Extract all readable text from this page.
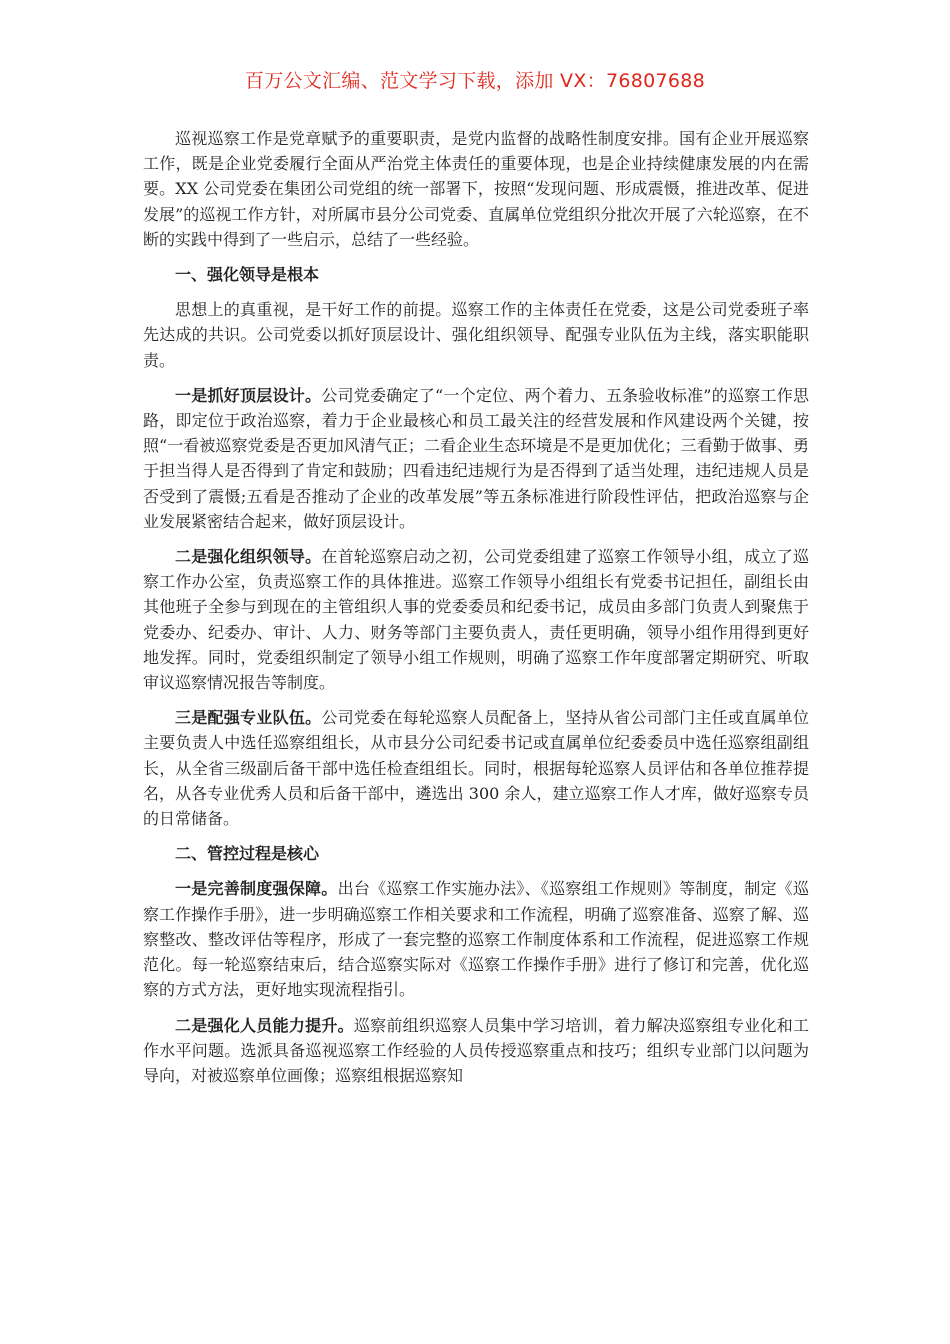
百万公文汇编、范文学习下载，添加 VX：76807688

巡视巡察工作是党章赋予的重要职责，是党内监督的战略性制度安排。国有企业开展巡察工作，既是企业党委履行全面从严治党主体责任的重要体现，也是企业持续健康发展的内在需要。XX 公司党委在集团公司党组的统一部署下，按照“发现问题、形成震慑，推进改革、促进发展”的巡视工作方针，对所属市县分公司党委、直属单位党组织分批次开展了六轮巡察，在不断的实践中得到了一些启示，总结了一些经验。

一、强化领导是根本

思想上的真重视，是干好工作的前提。巡察工作的主体责任在党委，这是公司党委班子率先达成的共识。公司党委以抓好顶层设计、强化组织领导、配强专业队伍为主线，落实职能职责。

一是抓好顶层设计。公司党委确定了“一个定位、两个着力、五条验收标准”的巡察工作思路，即定位于政治巡察，着力于企业最核心和员工最关注的经营发展和作风建设两个关键，按照“一看被巡察党委是否更加风清气正；二看企业生态环境是不是更加优化；三看勤于做事、勇于担当得人是否得到了肯定和鼓励；四看违纪违规行为是否得到了适当处理，违纪违规人员是否受到了震慑;五看是否推动了企业的改革发展”等五条标准进行阶段性评估，把政治巡察与企业发展紧密结合起来，做好顶层设计。

二是强化组织领导。在首轮巡察启动之初，公司党委组建了巡察工作领导小组，成立了巡察工作办公室，负责巡察工作的具体推进。巡察工作领导小组组长有党委书记担任，副组长由其他班子全参与到现在的主管组织人事的党委委员和纪委书记，成员由多部门负责人到聚焦于党委办、纪委办、审计、人力、财务等部门主要负责人，责任更明确，领导小组作用得到更好地发挥。同时，党委组织制定了领导小组工作规则，明确了巡察工作年度部署定期研究、听取审议巡察情况报告等制度。

三是配强专业队伍。公司党委在每轮巡察人员配备上，坚持从省公司部门主任或直属单位主要负责人中选任巡察组组长，从市县分公司纪委书记或直属单位纪委委员中选任巡察组副组长，从全省三级副后备干部中选任检查组组长。同时，根据每轮巡察人员评估和各单位推荐提名，从各专业优秀人员和后备干部中，遴选出 300 余人，建立巡察工作人才库，做好巡察专员的日常储备。

二、管控过程是核心

一是完善制度强保障。出台《巡察工作实施办法》、《巡察组工作规则》等制度，制定《巡察工作操作手册》，进一步明确巡察工作相关要求和工作流程，明确了巡察准备、巡察了解、巡察整改、整改评估等程序，形成了一套完整的巡察工作制度体系和工作流程，促进巡察工作规范化。每一轮巡察结束后，结合巡察实际对《巡察工作操作手册》进行了修订和完善，优化巡察的方式方法，更好地实现流程指引。

二是强化人员能力提升。巡察前组织巡察人员集中学习培训，着力解决巡察组专业化和工作水平问题。选派具备巡视巡察工作经验的人员传授巡察重点和技巧；组织专业部门以问题为导向，对被巡察单位画像；巡察组根据巡察知
